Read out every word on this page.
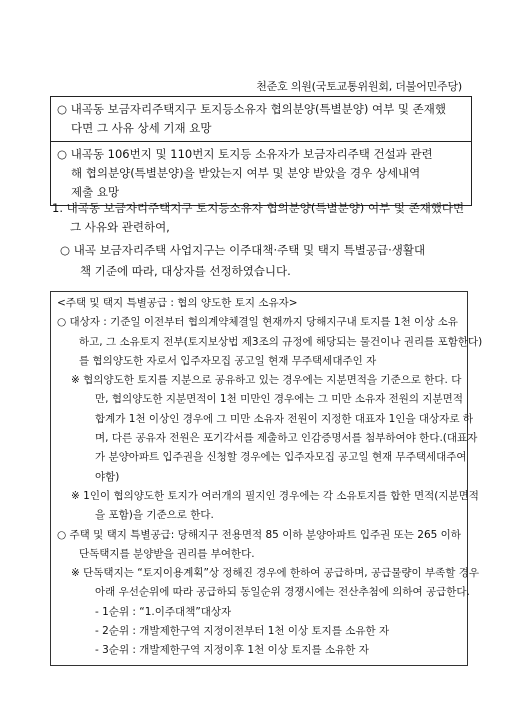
천준호 의원(국토교통위원회, 더불어민주당)
○ 내곡동 보금자리주택지구 토지등소유자 협의분양(특별분양) 여부 및 존재했
다면 그 사유 상세 기재 요망
○ 내곡동 106번지 및 110번지 토지등 소유자가 보금자리주택 건설과 관련
해 협의분양(특별분양)을 받았는지 여부 및 분양 받았을 경우 상세내역
제출 요망
1. 내곡동 보금자리주택지구 토지등소유자 협의분양(특별분양) 여부 및 존재했다면
그 사유와 관련하여,
○ 내곡 보금자리주택 사업지구는 이주대책·주택 및 택지 특별공급·생활대
책 기준에 따라, 대상자를 선정하였습니다.
<주택 및 택지 특별공급 : 협의 양도한 토지 소유자>
○ 대상자 : 기준일 이전부터 협의계약체결일 현재까지 당해지구내 토지를 1천 이상 소유
하고, 그 소유토지 전부(토지보상법 제3조의 규정에 해당되는 물건이나 권리를 포함한다)
를 협의양도한 자로서 입주자모집 공고일 현재 무주택세대주인 자
※ 협의양도한 토지를 지분으로 공유하고 있는 경우에는 지분면적을 기준으로 한다. 다
만, 협의양도한 지분면적이 1천 미만인 경우에는 그 미만 소유자 전원의 지분면적
합계가 1천 이상인 경우에 그 미만 소유자 전원이 지정한 대표자 1인을 대상자로 하
며, 다른 공유자 전원은 포기각서를 제출하고 인감증명서를 첨부하여야 한다.(대표자
가 분양아파트 입주권을 신청할 경우에는 입주자모집 공고일 현재 무주택세대주여
야함)
※ 1인이 협의양도한 토지가 여러개의 필지인 경우에는 각 소유토지를 합한 면적(지분면적
을 포함)을 기준으로 한다.
○ 주택 및 택지 특별공급: 당해지구 전용면적 85 이하 분양아파트 입주권 또는 265 이하
단독택지를 분양받을 권리를 부여한다.
※ 단독택지는 “토지이용계획”상 정해진 경우에 한하여 공급하며, 공급물량이 부족할 경우
아래 우선순위에 따라 공급하되 동일순위 경쟁시에는 전산추첨에 의하여 공급한다.
- 1순위 : “1.이주대책”대상자
- 2순위 : 개발제한구역 지정이전부터 1천 이상 토지를 소유한 자
- 3순위 : 개발제한구역 지정이후 1천 이상 토지를 소유한 자
